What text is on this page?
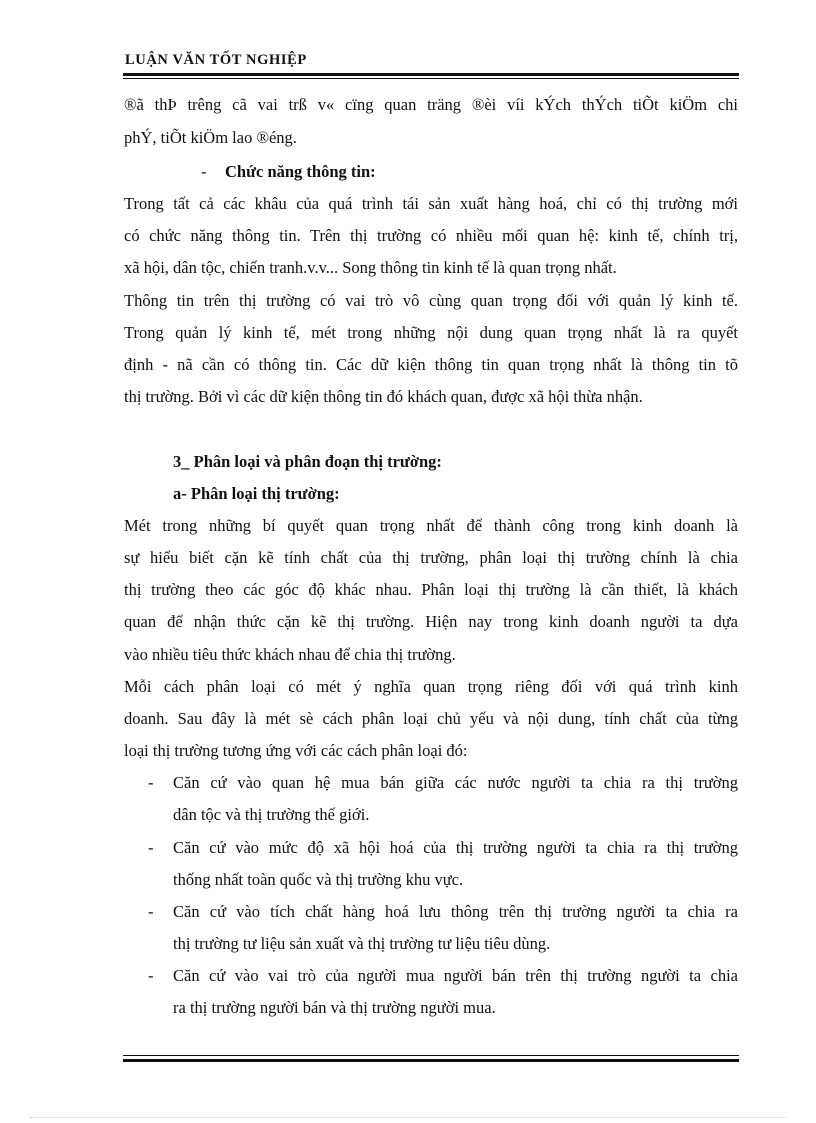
LUẬN VĂN TỐT NGHIỆP
®ã thÞ trêng cã vai trß v« cïng quan träng ®èi víi kÝch thÝch tiÕt kiÖm chi
phÝ, tiÕt kiÖm lao ®éng.
- Chức năng thông tin:
Trong tất cả các khâu của quá trình tái sản xuất hàng hoá, chỉ có thị trường mới
có chức năng thông tin. Trên thị trường có nhiều mối quan hệ: kinh tế, chính trị,
xã hội, dân tộc, chiến tranh.v.v... Song thông tin kinh tế là quan trọng nhất.
Thông tin trên thị trường có vai trò vô cùng quan trọng đối với quản lý kinh tế.
Trong quản lý kinh tế, mét trong những nội dung quan trọng nhất là ra quyết
định - nã cần có thông tin. Các dữ kiện thông tin quan trọng nhất là thông tin tõ
thị trường. Bởi vì các dữ kiện thông tin đó khách quan, được xã hội thừa nhận.
3_ Phân loại và phân đoạn thị trường:
a- Phân loại thị trường:
Mét trong những bí quyết quan trọng nhất để thành công trong kinh doanh là
sự hiểu biết cặn kẽ tính chất của thị trường, phân loại thị trường chính là chia
thị trường theo các góc độ khác nhau. Phân loại thị trường là cần thiết, là khách
quan để nhận thức cặn kẽ thị trường. Hiện nay trong kinh doanh người ta dựa
vào nhiều tiêu thức khách nhau để chia thị trường.
Mỗi cách phân loại có mét ý nghĩa quan trọng riêng đối với quá trình kinh
doanh. Sau đây là mét sè cách phân loại chủ yếu và nội dung, tính chất của từng
loại thị trường tương ứng với các cách phân loại đó:
- Căn cứ vào quan hệ mua bán giữa các nước người ta chia ra thị trường
dân tộc và thị trường thế giới.
- Căn cứ vào mức độ xã hội hoá của thị trường người ta chia ra thị trường
thống nhất toàn quốc và thị trường khu vực.
- Căn cứ vào tích chất hàng hoá lưu thông trên thị trường người ta chia ra
thị trường tư liệu sản xuất và thị trường tư liệu tiêu dùng.
- Căn cứ vào vai trò của người mua người bán trên thị trường người ta chia
ra thị trường người bán và thị trường người mua.
